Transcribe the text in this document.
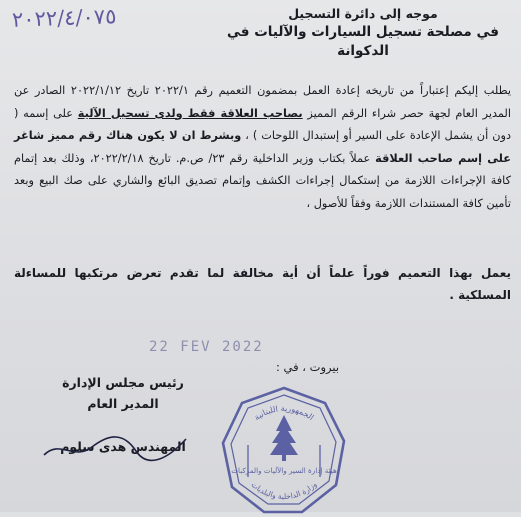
موجه إلى دائرة التسجيل
في مصلحة تسجيل السيارات والآليات في الدكوانة
٢٠٢٢/٤/٠٧٥
يطلب إليكم إعتباراً من تاريخه إعادة العمل بمضمون التعميم رقم ٢٠٢٢/١ تاريخ ٢٠٢٢/١/١٢ الصادر عن المدير العام لجهة حصر شراء الرقم المميز بصاحب العلاقة فقط ولدى تسجيل الآلية على إسمه ( دون أن يشمل الإعادة على السير أو إستبدال اللوحات ) ، وبشرط ان لا يكون هناك رقم مميز شاغر على إسم صاحب العلاقة عملاً بكتاب وزير الداخلية رقم ٢٣/ ص.م. تاريخ ٢٠٢٢/٢/١٨، وذلك بعد إتمام كافة الإجراءات اللازمة من إستكمال إجراءات الكشف وإتمام تصديق البائع والشاري على صك البيع وبعد تأمين كافة المستندات اللازمة وفقاً للأصول ،
يعمل بهذا التعميم فوراً علماً أن أية مخالفة لما تقدم تعرض مرتكبها للمساءلة المسلكية .
22 FEV 2022
بيروت ، في :
رئيس مجلس الإدارة
المدير العام
المهندس هدى سلوم
الجمهورية اللبنانية
هيئة إدارة السير والآليات والمركبات
وزارة الداخلية والبلديات
